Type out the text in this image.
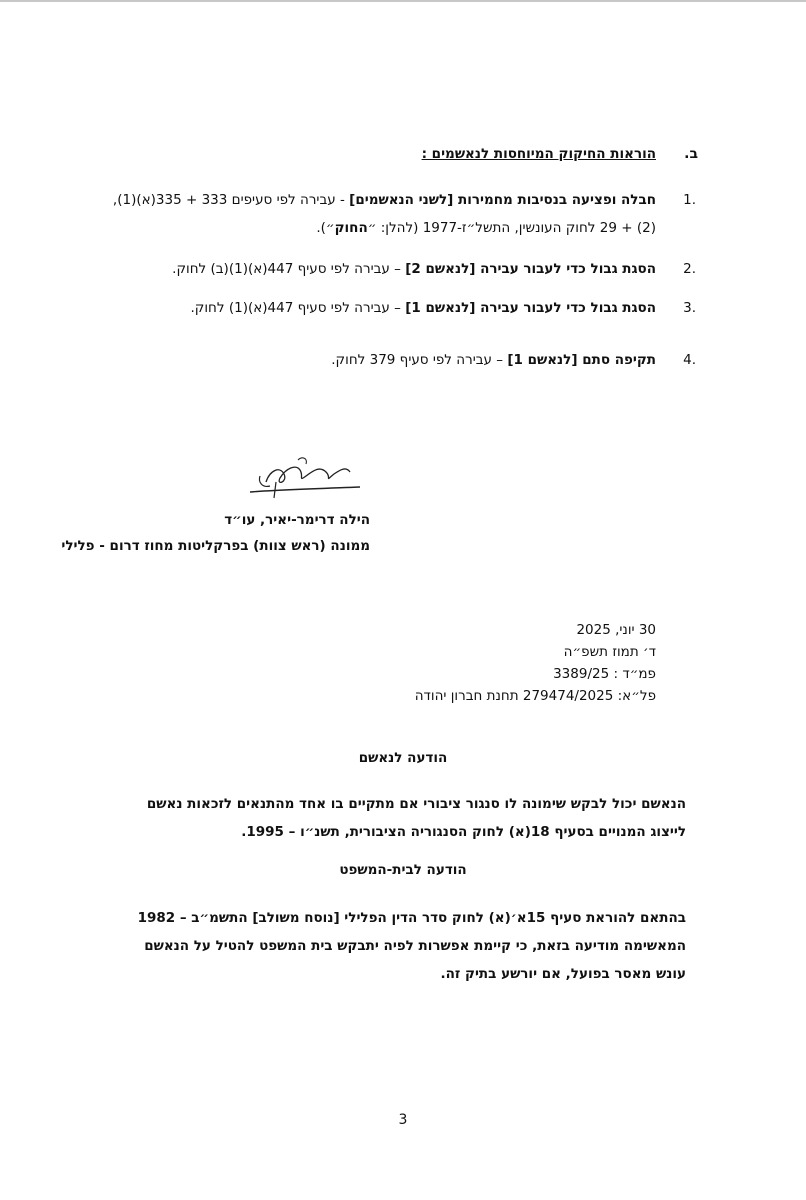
ב.
הוראות החיקוק המיוחסות לנאשמים :
1.
חבלה ופציעה בנסיבות מחמירות [לשני הנאשמים] - עבירה לפי סעיפים 333 + 335(א)(1),(2) + 29 לחוק העונשין, התשל״ז-1977 (להלן: ״החוק״).
2.
הסגת גבול כדי לעבור עבירה [לנאשם 2] – עבירה לפי סעיף 447(א)(1)(ב) לחוק.
3.
הסגת גבול כדי לעבור עבירה [לנאשם 1] – עבירה לפי סעיף 447(א)(1) לחוק.
4.
תקיפה סתם [לנאשם 1] – עבירה לפי סעיף 379 לחוק.
הילה דרימר-יאיר, עו״ד
ממונה (ראש צוות) בפרקליטות מחוז דרום - פלילי
30 יוני, 2025
ד׳ תמוז תשפ״ה
פמ״ד : 3389/25
פל״א: 279474/2025 תחנת חברון יהודה
הודעה לנאשם
הנאשם יכול לבקש שימונה לו סנגור ציבורי אם מתקיים בו אחד מהתנאים לזכאות נאשם לייצוג המנויים בסעיף 18(א) לחוק הסנגוריה הציבורית, תשנ״ו – 1995.
הודעה לבית-המשפט
בהתאם להוראת סעיף 15א׳(א) לחוק סדר הדין הפלילי [נוסח משולב] התשמ״ב – 1982 המאשימה מודיעה בזאת, כי קיימת אפשרות לפיה יתבקש בית המשפט להטיל על הנאשם עונש מאסר בפועל, אם יורשע בתיק זה.
3
